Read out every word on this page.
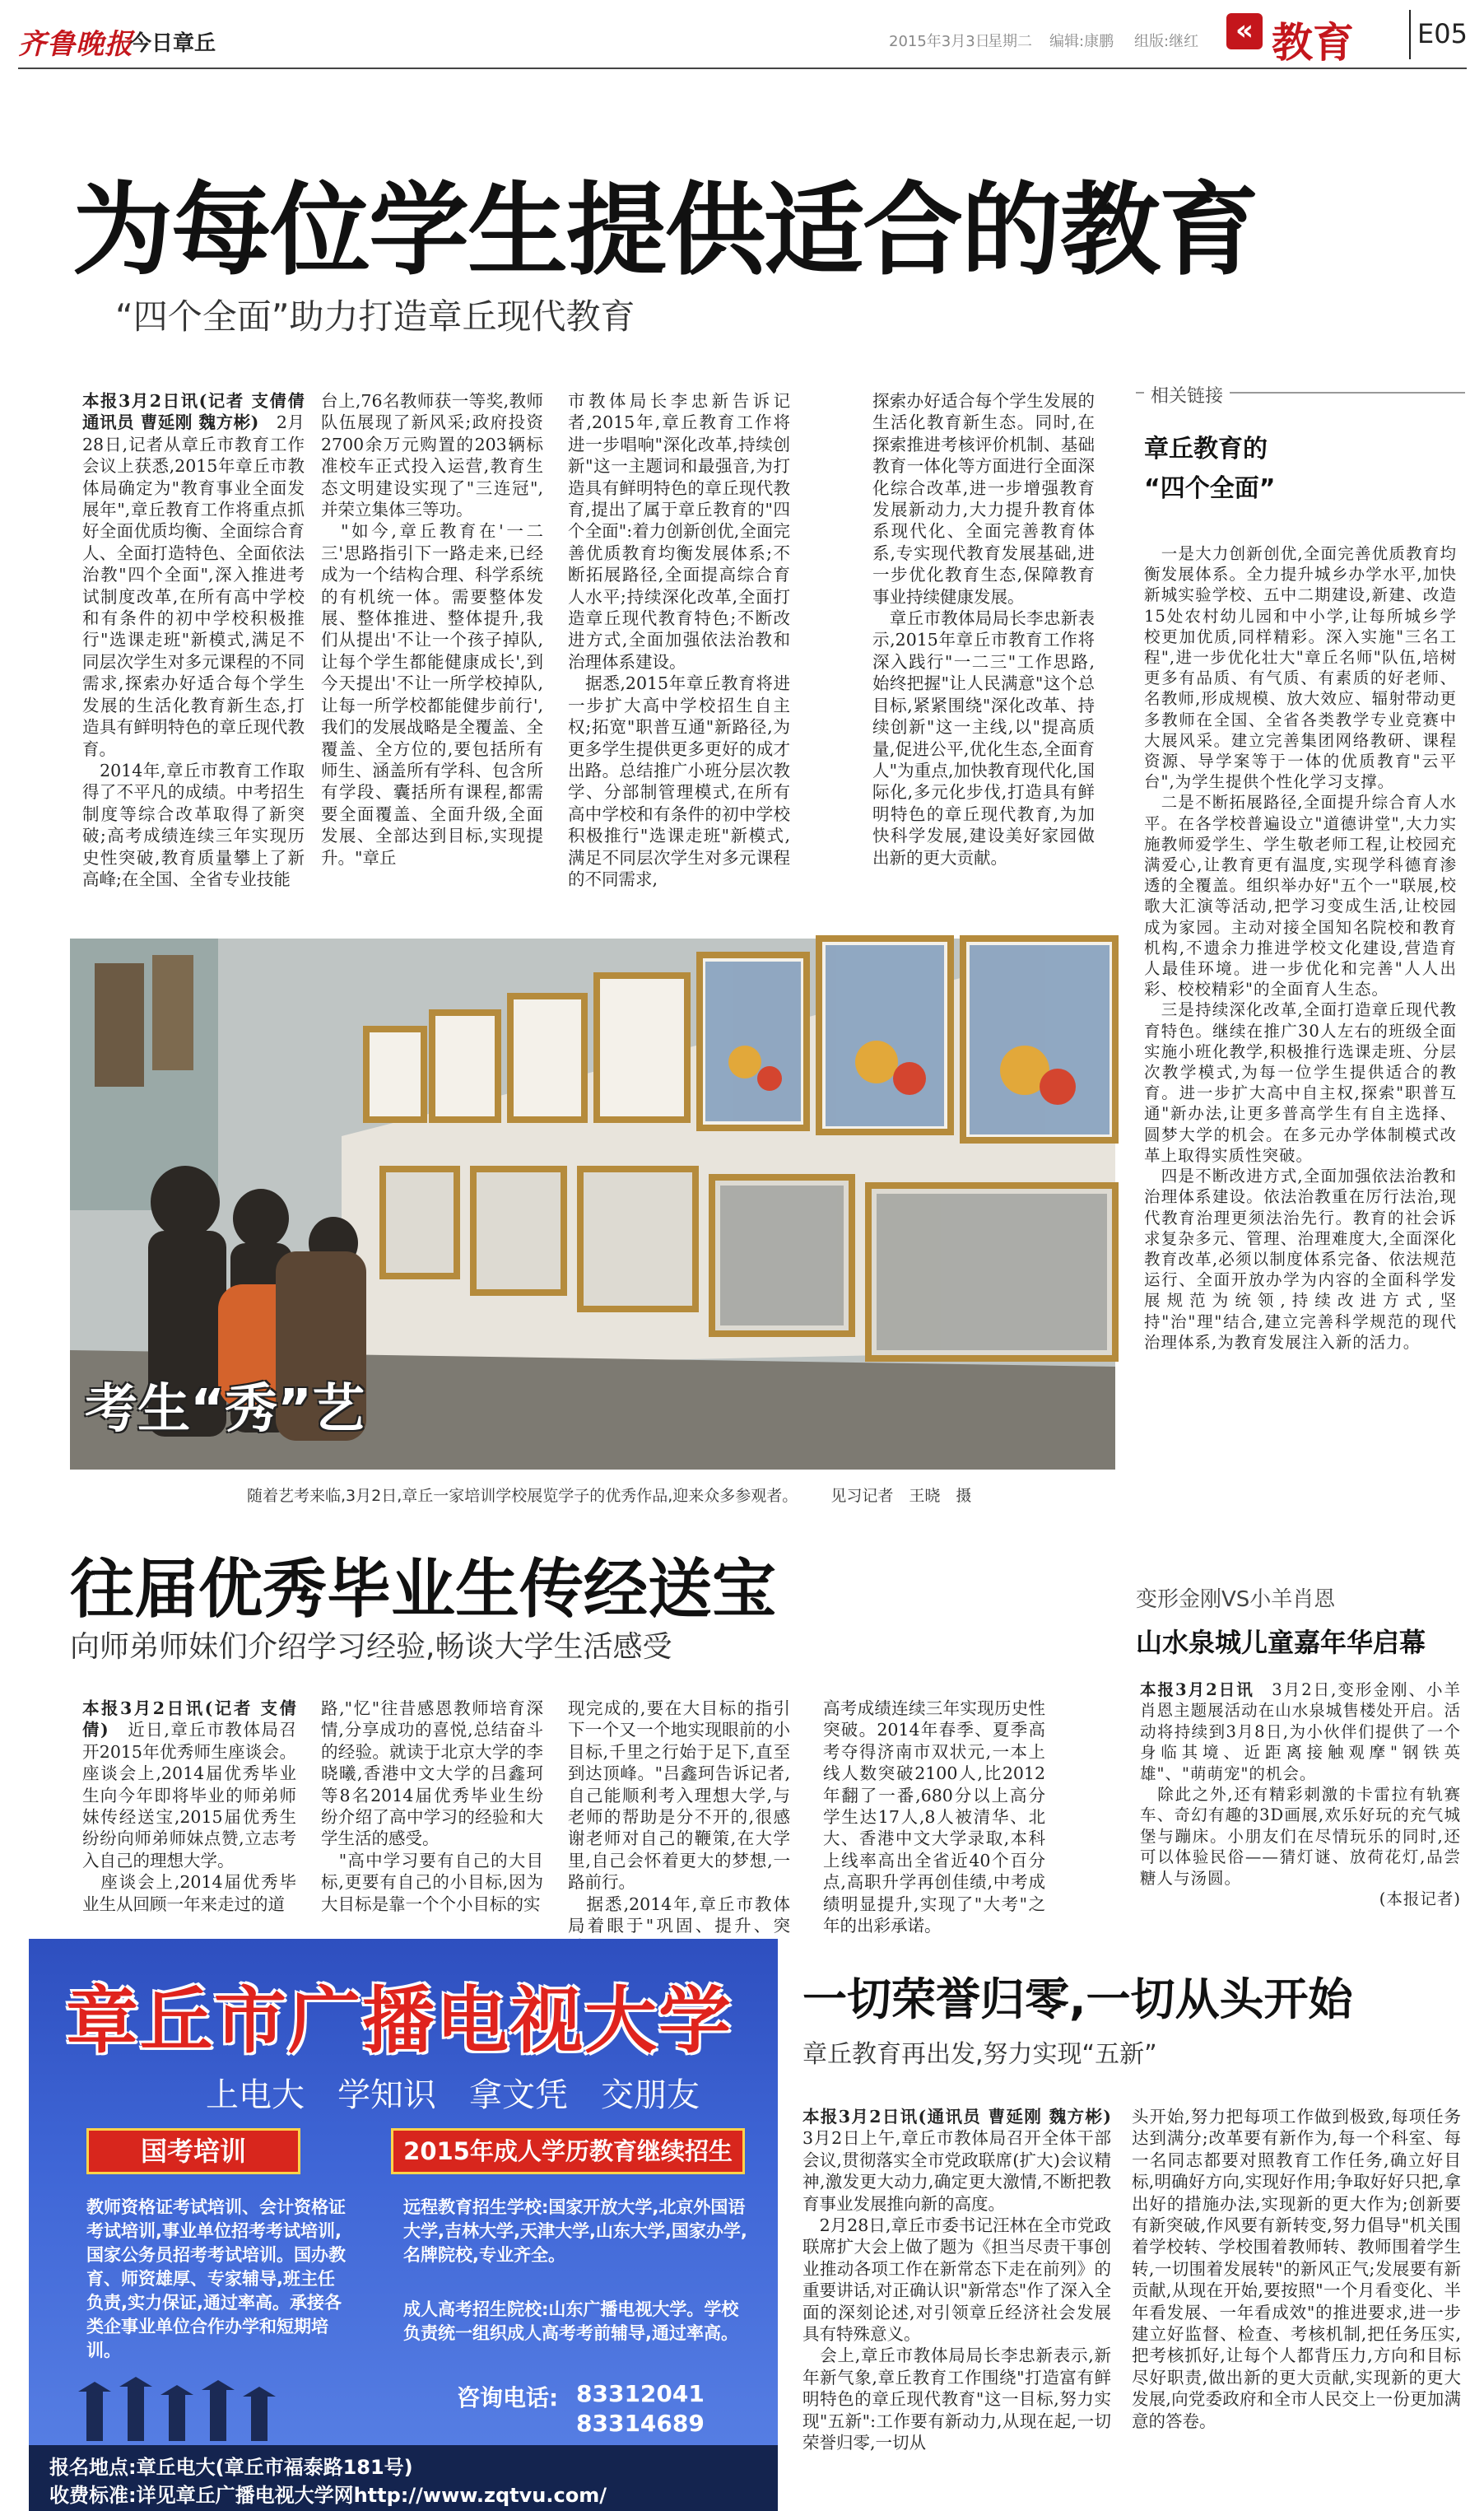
齐鲁晚报
今日章丘	2015年3月3日
星期二 编辑:康鹏 组版:继红	« 教育 E05
为每位学生提供适合的教育
“四个全面”助力打造章丘现代教育
本报3月2日讯(记者 支倩倩 通讯员 曹延刚 魏方彬)　2月28日,记者从章丘市教育工作会议上获悉,2015年章丘市教体局确定为"教育事业全面发展年",章丘教育工作将重点抓好全面优质均衡、全面综合育人、全面打造特色、全面依法治教"四个全面",深入推进考试制度改革,在所有高中学校和有条件的初中学校积极推行"选课走班"新模式,满足不同层次学生对多元课程的不同需求,探索办好适合每个学生发展的生活化教育新生态,打造具有鲜明特色的章丘现代教育。
　2014年,章丘市教育工作取得了不平凡的成绩。中考招生制度等综合改革取得了新突破;高考成绩连续三年实现历史性突破,教育质量攀上了新高峰;在全国、全省专业技能
台上,76名教师获一等奖,教师队伍展现了新风采;政府投资2700余万元购置的203辆标准校车正式投入运营,教育生态文明建设实现了"三连冠",并荣立集体三等功。
　"如今,章丘教育在'一二三'思路指引下一路走来,已经成为一个结构合理、科学系统的有机统一体。需要整体发展、整体推进、整体提升,我们从提出'不让一个孩子掉队,让每个学生都能健康成长',到今天提出'不让一所学校掉队,让每一所学校都能健步前行',我们的发展战略是全覆盖、全覆盖、全方位的,要包括所有师生、涵盖所有学科、包含所有学段、囊括所有课程,都需要全面覆盖、全面升级,全面发展、全部达到目标,实现提升。"章丘
市教体局长李忠新告诉记者,2015年,章丘教育工作将进一步唱响"深化改革,持续创新"这一主题词和最强音,为打造具有鲜明特色的章丘现代教育,提出了属于章丘教育的"四个全面":着力创新创优,全面完善优质教育均衡发展体系;不断拓展路径,全面提高综合育人水平;持续深化改革,全面打造章丘现代教育特色;不断改进方式,全面加强依法治教和治理体系建设。
　据悉,2015年章丘教育将进一步扩大高中学校招生自主权;拓宽"职普互通"新路径,为更多学生提供更多更好的成才出路。总结推广小班分层次教学、分部制管理模式,在所有高中学校和有条件的初中学校积极推行"选课走班"新模式,满足不同层次学生对多元课程的不同需求,
探索办好适合每个学生发展的生活化教育新生态。同时,在探索推进考核评价机制、基础教育一体化等方面进行全面深化综合改革,进一步增强教育发展新动力,大力提升教育体系现代化、全面完善教育体系,专实现代教育发展基础,进一步优化教育生态,保障教育事业持续健康发展。
　章丘市教体局局长李忠新表示,2015年章丘市教育工作将深入践行"一二三"工作思路,始终把握"让人民满意"这个总目标,紧紧围绕"深化改革、持续创新"这一主线,以"提高质量,促进公平,优化生态,全面育人"为重点,加快教育现代化,国际化,多元化步伐,打造具有鲜明特色的章丘现代教育,为加快科学发展,建设美好家园做出新的更大贡献。
相关链接
章丘教育的
“四个全面”
　一是大力创新创优,全面完善优质教育均衡发展体系。全力提升城乡办学水平,加快新城实验学校、五中二期建设,新建、改造15处农村幼儿园和中小学,让每所城乡学校更加优质,同样精彩。深入实施"三名工程",进一步优化壮大"章丘名师"队伍,培树更多有品质、有气质、有素质的好老师、名教师,形成规模、放大效应、辐射带动更多教师在全国、全省各类教学专业竞赛中大展风采。建立完善集团网络教研、课程资源、导学案等于一体的优质教育"云平台",为学生提供个性化学习支撑。
　二是不断拓展路径,全面提升综合育人水平。在各学校普遍设立"道德讲堂",大力实施教师爱学生、学生敬老师工程,让校园充满爱心,让教育更有温度,实现学科德育渗透的全覆盖。组织举办好"五个一"联展,校歌大汇演等活动,把学习变成生活,让校园成为家园。主动对接全国知名院校和教育机构,不遗余力推进学校文化建设,营造育人最佳环境。进一步优化和完善"人人出彩、校校精彩"的全面育人生态。
　三是持续深化改革,全面打造章丘现代教育特色。继续在推广30人左右的班级全面实施小班化教学,积极推行选课走班、分层次教学模式,为每一位学生提供适合的教育。进一步扩大高中自主权,探索"职普互通"新办法,让更多普高学生有自主选择、圆梦大学的机会。在多元办学体制模式改革上取得实质性突破。
　四是不断改进方式,全面加强依法治教和治理体系建设。依法治教重在厉行法治,现代教育治理更须法治先行。教育的社会诉求复杂多元、管理、治理难度大,全面深化教育改革,必须以制度体系完备、依法规范运行、全面开放办学为内容的全面科学发展规范为统领,持续改进方式,坚持"治"理"结合,建立完善科学规范的现代治理体系,为教育发展注入新的活力。
考生“秀”艺
随着艺考来临,3月2日,章丘一家培训学校展览学子的优秀作品,迎来众多参观者。 见习记者　王晓　摄
往届优秀毕业生传经送宝
向师弟师妹们介绍学习经验,畅谈大学生活感受
本报3月2日讯(记者 支倩倩)　近日,章丘市教体局召开2015年优秀师生座谈会。座谈会上,2014届优秀毕业生向今年即将毕业的师弟师妹传经送宝,2015届优秀生纷纷向师弟师妹点赞,立志考入自己的理想大学。
　座谈会上,2014届优秀毕业生从回顾一年来走过的道
路,"忆"往昔感恩教师培育深情,分享成功的喜悦,总结奋斗的经验。就读于北京大学的李晓曦,香港中文大学的吕鑫珂等8名2014届优秀毕业生纷纷介绍了高中学习的经验和大学生活的感受。
　"高中学习要有自己的大目标,更要有自己的小目标,因为大目标是靠一个个小目标的实
现完成的,要在大目标的指引下一个又一个地实现眼前的小目标,千里之行始于足下,直至到达顶峰。"吕鑫珂告诉记者,自己能顺利考入理想大学,与老师的帮助是分不开的,很感谢老师对自己的鞭策,在大学里,自己会怀着更大的梦想,一路前行。
　据悉,2014年,章丘市教体局着眼于"巩固、提升、突
高考成绩连续三年实现历史性突破。2014年春季、夏季高考夺得济南市双状元,一本上线人数突破2100人,比2012年翻了一番,680分以上高分学生达17人,8人被清华、北大、香港中文大学录取,本科上线率高出全省近40个百分点,高职升学再创佳绩,中考成绩明显提升,实现了"大考"之年的出彩承诺。
变形金刚VS小羊肖恩
山水泉城儿童嘉年华启幕
本报3月2日讯　3月2日,变形金刚、小羊肖恩主题展活动在山水泉城售楼处开启。活动将持续到3月8日,为小伙伴们提供了一个身临其境、近距离接触观摩"钢铁英雄"、"萌萌宠"的机会。
　除此之外,还有精彩刺激的卡雷拉有轨赛车、奇幻有趣的3D画展,欢乐好玩的充气城堡与蹦床。小朋友们在尽情玩乐的同时,还可以体验民俗——猜灯谜、放荷花灯,品尝糖人与汤圆。
(本报记者)
章丘市广播电视大学
上电大　学知识　拿文凭　交朋友
国考培训	2015年成人学历教育继续招生
教师资格证考试培训、会计资格证考试培训,事业单位招考考试培训,国家公务员招考考试培训。国办教育、师资雄厚、专家辅导,班主任负责,实力保证,通过率高。承接各类企事业单位合作办学和短期培训。
远程教育招生学校:国家开放大学,北京外国语大学,吉林大学,天津大学,山东大学,国家办学,名牌院校,专业齐全。
成人高考招生院校:山东广播电视大学。学校负责统一组织成人高考考前辅导,通过率高。
咨询电话: 83312041
83314689
报名地点:章丘电大(章丘市福泰路181号)
收费标准:详见章丘广播电视大学网http://www.zqtvu.com/
一切荣誉归零,一切从头开始
章丘教育再出发,努力实现“五新”
本报3月2日讯(通讯员 曹延刚 魏方彬)　3月2日上午,章丘市教体局召开全体干部会议,贯彻落实全市党政联席(扩大)会议精神,激发更大动力,确定更大激情,不断把教育事业发展推向新的高度。
　2月28日,章丘市委书记汪林在全市党政联席扩大会上做了题为《担当尽责干事创业推动各项工作在新常态下走在前列》的重要讲话,对正确认识"新常态"作了深入全面的深刻论述,对引领章丘经济社会发展具有特殊意义。
　会上,章丘市教体局局长李忠新表示,新年新气象,章丘教育工作围绕"打造富有鲜明特色的章丘现代教育"这一目标,努力实现"五新":工作要有新动力,从现在起,一切荣誉归零,一切从
头开始,努力把每项工作做到极致,每项任务达到满分;改革要有新作为,每一个科室、每一名同志都要对照教育工作任务,确立好目标,明确好方向,实现好作用;争取好好只把,拿出好的措施办法,实现新的更大作为;创新要有新突破,作风要有新转变,努力倡导"机关围着学校转、学校围着教师转、教师围着学生转,一切围着发展转"的新风正气;发展要有新贡献,从现在开始,要按照"一个月看变化、半年看发展、一年看成效"的推进要求,进一步建立好监督、检查、考核机制,把任务压实,把考核抓好,让每个人都背压力,方向和目标尽好职责,做出新的更大贡献,实现新的更大发展,向党委政府和全市人民交上一份更加满意的答卷。
